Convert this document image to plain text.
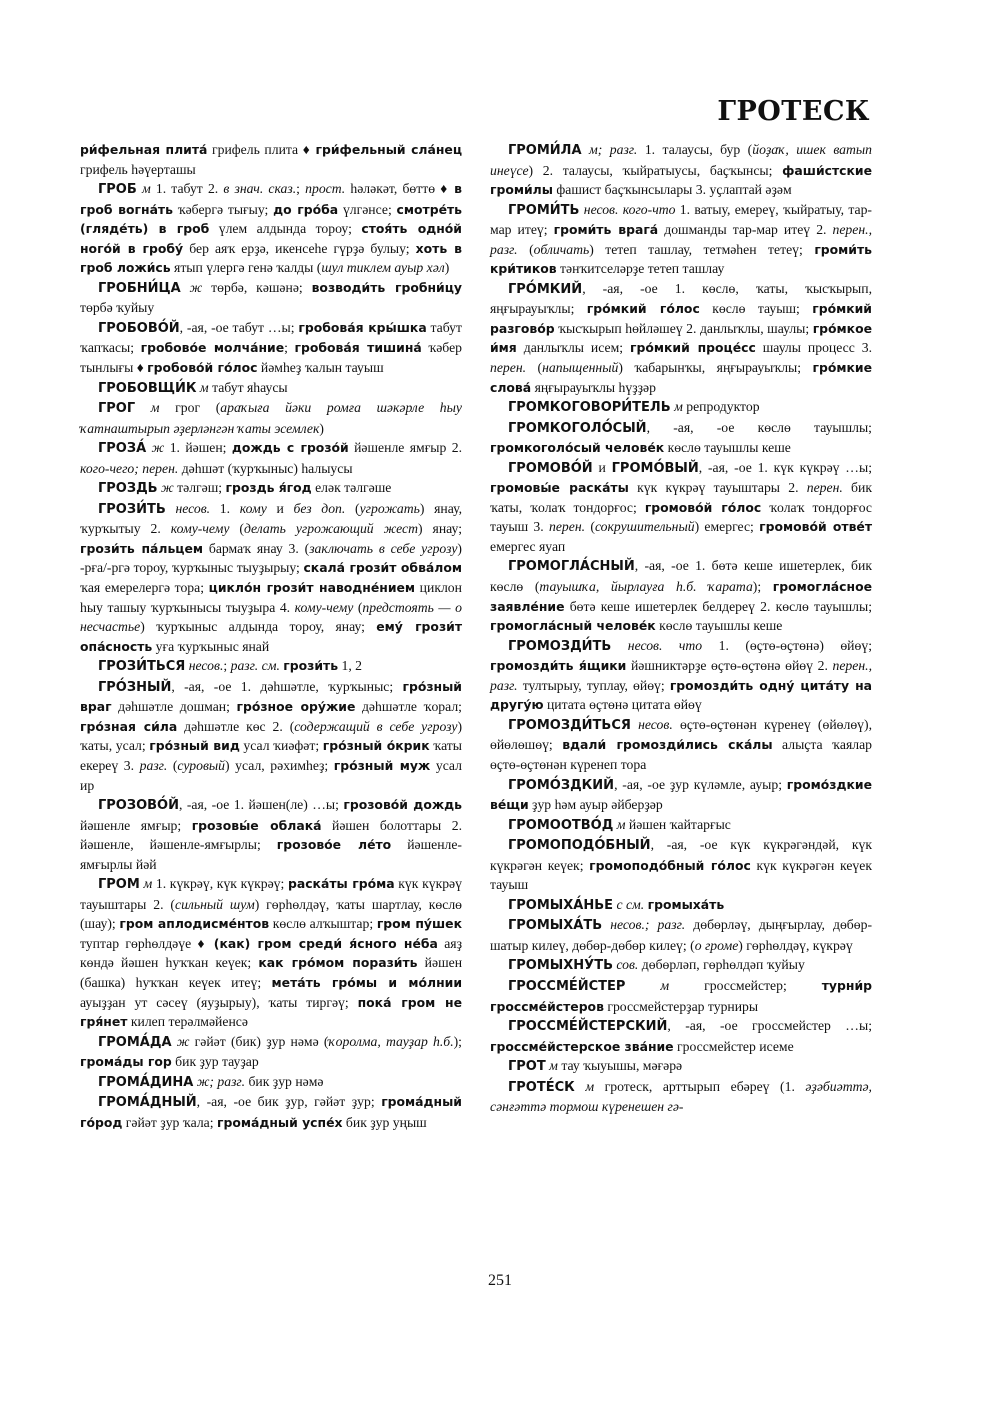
ГРОТЕСК

ри́фельная плита́ грифель плита ♦ гри́фельный сла́нец грифель һәүерташы

ГРОБ м 1. табут 2. в знач. сказ.; прост. һәләкәт, бөттө ♦ в гроб вогна́ть ҡәбергә тығыу; до гро́ба үлгәнсе; смотре́ть (гляде́ть) в гроб үлем алдында тороу; стоя́ть одно́й ного́й в гробу́ бер аяҡ ерҙә, икенсеһе гүрҙә булыу; хоть в гроб ложи́сь ятып үлергә генә ҡалды (шул тиклем ауыр хәл)

ГРОБНИ́ЦА ж төрбә, кәшәнә; возводи́ть гробни́цу төрбә ҡуйыу

ГРОБОВО́Й, -ая, -ое табут …ы; гробова́я кры́шка табут ҡапҡасы; гробово́е молча́ние; гробова́я тишина́ ҡәбер тынлығы ♦ гробово́й го́лос йәмһеҙ ҡалын тауыш

ГРОБОВЩИ́К м табут яһаусы

ГРОГ м грог (араҡыға йәки ромға шәкәрле һыу ҡатнаштырып әҙерләнгән ҡаты эсемлек)

ГРОЗА́ ж 1. йәшен; дождь с грозо́й йәшенле ямғыр 2. кого-чего; перен. дәһшәт (ҡурҡыныс) һалыусы

ГРОЗДЬ ж тәлгәш; гроздь я́год еләк тәлгәше

ГРОЗИ́ТЬ несов. 1. кому и без доп. (угрожать) янау, ҡурҡытыу 2. кому-чему (делать угрожающий жест) янау; грози́ть па́льцем бармаҡ янау 3. (заключать в себе угрозу) -рға/-ргә тороу, ҡурҡыныс тыуҙырыу; скала́ грози́т обва́лом ҡая емерелергә тора; цикло́н грози́т наводне́нием циклон һыу ташыу ҡурҡынысы тыуҙыра 4. кому-чему (предстоять — о несчастье) ҡурҡыныс алдында тороу, янау; ему́ грози́т опа́сность уға ҡурҡыныс янай

ГРОЗИ́ТЬСЯ несов.; разг. см. грози́ть 1, 2

ГРО́ЗНЫЙ, -ая, -ое 1. дәһшәтле, ҡурҡыныс; гро́зный враг дәһшәтле дошман; гро́зное ору́жие дәһшәтле ҡорал; гро́зная си́ла дәһшәтле көс 2. (содержащий в себе угрозу) ҡаты, усал; гро́зный вид усал ҡиәфәт; гро́зный о́крик ҡаты екереү 3. разг. (суровый) усал, рәхимһеҙ; гро́зный муж усал ир

ГРОЗОВО́Й, -ая, -ое 1. йәшен(ле) …ы; грозово́й дождь йәшенле ямғыр; грозовы́е облака́ йәшен болоттары 2. йәшенле, йәшенле-ямғырлы; грозово́е ле́то йәшенле-ямғырлы йәй

ГРОМ м 1. күкрәү, күк күкрәү; раска́ты гро́ма күк күкрәү тауыштары 2. (сильный шум) гөрһөлдәү, ҡаты шартлау, көслө (шау); гром аплодисме́нтов көслө алҡыштар; гром пу́шек туптар гөрһөлдәүе ♦ (как) гром среди́ я́сного не́ба аяҙ көндә йәшен һуҡҡан кеүек; как гро́мом порази́ть йәшен (башка) һуҡҡан кеүек итеү; мета́ть гро́мы и мо́лнии ауыҙҙан ут сәсеү (яуҙырыу), ҡаты тиргәү; пока́ гром не гря́нет килеп терәлмәйенсә

ГРОМА́ДА ж гәйәт (бик) ҙур нәмә (ҡоролма, тауҙар һ.б.); грома́ды гор бик ҙур тауҙар

ГРОМА́ДИНА ж; разг. бик ҙур нәмә

ГРОМА́ДНЫЙ, -ая, -ое бик ҙур, гәйәт ҙур; грома́дный го́род гәйәт ҙур ҡала; грома́дный успе́х бик ҙур уңыш

ГРОМИ́ЛА м; разг. 1. талаусы, бур (йоҙаҡ, ишек ватып инеүсе) 2. талаусы, ҡыйратыусы, баҫҡынсы; фаши́стские громи́лы фашист баҫҡынсылары 3. уҫлаптай әҙәм

ГРОМИ́ТЬ несов. кого-что 1. ватыу, емереү, ҡыйратыу, тар-мар итеү; громи́ть врага́ дошманды тар-мар итеү 2. перен., разг. (обличать) тетеп ташлау, тетмәһен тетеү; громи́ть кри́тиков тәнҡитселәрҙе тетеп ташлау

ГРО́МКИЙ, -ая, -ое 1. көслө, ҡаты, ҡысҡырып, яңғырауыҡлы; гро́мкий го́лос көслө тауыш; гро́мкий разгово́р ҡысҡырып һөйләшеү 2. данлыҡлы, шаулы; гро́мкое и́мя данлыҡлы исем; гро́мкий проце́сс шаулы процесс 3. перен. (напыщенный) ҡабарынҡы, яңғырауыҡлы; гро́мкие слова́ яңғырауыҡлы һүҙҙәр

ГРОМКОГОВОРИ́ТЕЛЬ м репродуктор

ГРОМКОГОЛО́СЫЙ, -ая, -ое көслө тауышлы; громкоголо́сый челове́к көслө тауышлы кеше

ГРОМОВО́Й и ГРОМО́ВЫЙ, -ая, -ое 1. күк күкрәү …ы; громовы́е раска́ты күк күкрәү тауыштары 2. перен. бик ҡаты, ҡолаҡ тондорғос; громово́й го́лос ҡолаҡ тондорғос тауыш 3. перен. (сокрушительный) емергес; громово́й отве́т емергес яуап

ГРОМОГЛА́СНЫЙ, -ая, -ое 1. бөтә кеше ишетерлек, бик көслө (тауышҡа, йырлауға һ.б. ҡарата); громогла́сное заявле́ние бөтә кеше ишетерлек белдереү 2. көслө тауышлы; громогла́сный челове́к көслө тауышлы кеше

ГРОМОЗДИ́ТЬ несов. что 1. (өҫтө-өҫтөнә) өйөү; громозди́ть я́щики йәшниктәрҙе өҫтө-өҫтөнә өйөү 2. перен., разг. тултырыу, туплау, өйөү; громозди́ть одну́ цита́ту на другу́ю цитата өҫтөнә цитата өйөү

ГРОМОЗДИ́ТЬСЯ несов. өҫтө-өҫтөнән күренеү (өйөлөү), өйөлөшөү; вдали́ громозди́лись ска́лы алыҫта ҡаялар өҫтө-өҫтөнән күренеп тора

ГРОМО́ЗДКИЙ, -ая, -ое ҙур күләмле, ауыр; громо́здкие ве́щи ҙур һәм ауыр әйберҙәр

ГРОМООТВО́Д м йәшен ҡайтарғыс

ГРОМОПОДО́БНЫЙ, -ая, -ое күк күкрәгәндәй, күк күкрәгән кеүек; громоподо́бный го́лос күк күкрәгән кеүек тауыш

ГРОМЫХА́НЬЕ с см. громыха́ть

ГРОМЫХА́ТЬ несов.; разг. дөбөрләү, дыңғырлау, дөбөр-шатыр килеү, дөбөр-дөбөр килеү; (о громе) гөрһөлдәү, күкрәү

ГРОМЫХНУ́ТЬ сов. дөбөрләп, гөрһөлдәп ҡуйыу

ГРОССМЕ́ЙСТЕР м гроссмейстер; турни́р гроссме́йстеров гроссмейстерҙар турниры

ГРОССМЕ́ЙСТЕРСКИЙ, -ая, -ое гроссмейстер …ы; гроссме́йстерское зва́ние гроссмейстер исеме

ГРОТ м тау ҡыуышы, мәғәрә

ГРОТЕ́СК м гротеск, арттырып ебәреү (1. әҙәбиәттә, сәнғәттә тормош күренешен гә-

251
